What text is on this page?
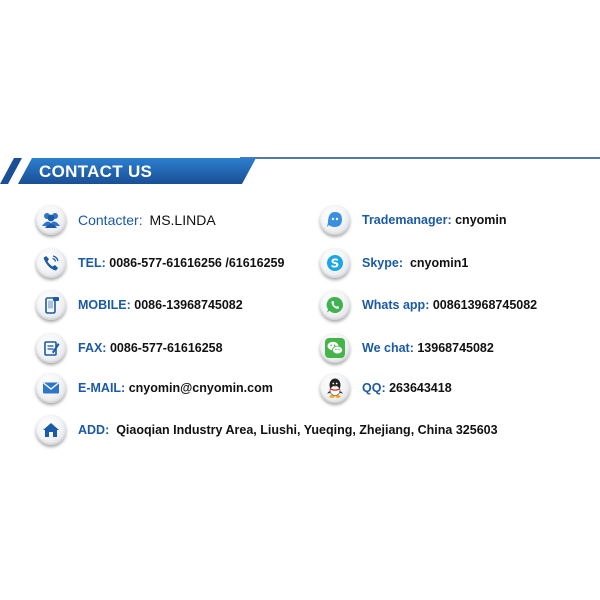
CONTACT US
Contacter: MS.LINDA
TEL: 0086-577-61616256 /61616259
MOBILE: 0086-13968745082
FAX: 0086-577-61616258
E-MAIL: cnyomin@cnyomin.com
ADD: Qiaoqian Industry Area, Liushi, Yueqing, Zhejiang, China 325603
Trademanager: cnyomin
S Skype: cnyomin1
Whats app: 008613968745082
We chat: 13968745082
QQ: 263643418
